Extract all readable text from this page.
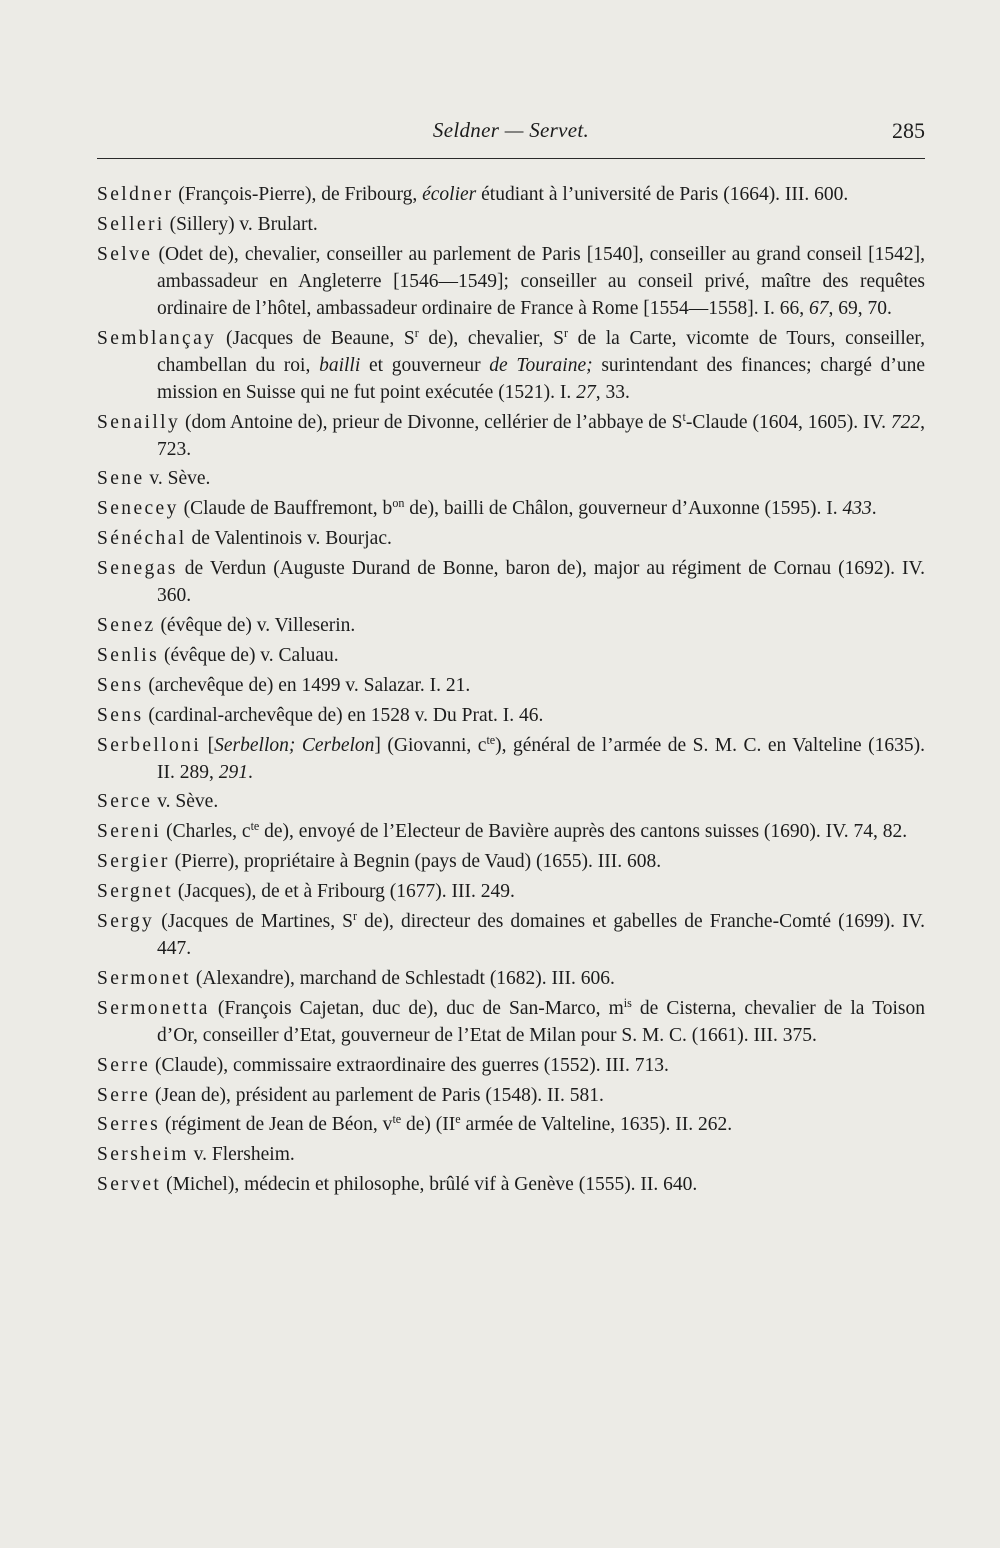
Seldner — Servet.	285
Seldner (François-Pierre), de Fribourg, écolier étudiant à l’université de Paris (1664). III. 600.
Selleri (Sillery) v. Brulart.
Selve (Odet de), chevalier, conseiller au parlement de Paris [1540], conseiller au grand conseil [1542], ambassadeur en Angleterre [1546—1549]; conseiller au conseil privé, maître des requêtes ordinaire de l’hôtel, ambassadeur ordinaire de France à Rome [1554—1558]. I. 66, 67, 69, 70.
Semblançay (Jacques de Beaune, $S^r$ de), chevalier, $S^r$ de la Carte, vicomte de Tours, conseiller, chambellan du roi, bailli et gouverneur de Touraine; surintendant des finances; chargé d’une mission en Suisse qui ne fut point exécutée (1521). I. 27, 33.
Senailly (dom Antoine de), prieur de Divonne, cellérier de l’abbaye de $S^t$-Claude (1604, 1605). IV. 722, 723.
Sene v. Sève.
Senecey (Claude de Bauffremont, $b^{on}$ de), bailli de Châlon, gouverneur d’Auxonne (1595). I. 433.
Sénéchal de Valentinois v. Bourjac.
Senegas de Verdun (Auguste Durand de Bonne, baron de), major au régiment de Cornau (1692). IV. 360.
Senez (évêque de) v. Villeserin.
Senlis (évêque de) v. Caluau.
Sens (archevêque de) en 1499 v. Salazar. I. 21.
Sens (cardinal-archevêque de) en 1528 v. Du Prat. I. 46.
Serbelloni [Serbellon; Cerbelon] (Giovanni, $c^{te}$), général de l’armée de S. M. C. en Valteline (1635). II. 289, 291.
Serce v. Sève.
Sereni (Charles, $c^{te}$ de), envoyé de l’Electeur de Bavière auprès des cantons suisses (1690). IV. 74, 82.
Sergier (Pierre), propriétaire à Begnin (pays de Vaud) (1655). III. 608.
Sergnet (Jacques), de et à Fribourg (1677). III. 249.
Sergy (Jacques de Martines, $S^r$ de), directeur des domaines et gabelles de Franche-Comté (1699). IV. 447.
Sermonet (Alexandre), marchand de Schlestadt (1682). III. 606.
Sermonetta (François Cajetan, duc de), duc de San-Marco, $m^{is}$ de Cisterna, chevalier de la Toison d’Or, conseiller d’Etat, gouverneur de l’Etat de Milan pour S. M. C. (1661). III. 375.
Serre (Claude), commissaire extraordinaire des guerres (1552). III. 713.
Serre (Jean de), président au parlement de Paris (1548). II. 581.
Serres (régiment de Jean de Béon, $v^{te}$ de) (IIe armée de Valteline, 1635). II. 262.
Sersheim v. Flersheim.
Servet (Michel), médecin et philosophe, brûlé vif à Genève (1555). II. 640.
